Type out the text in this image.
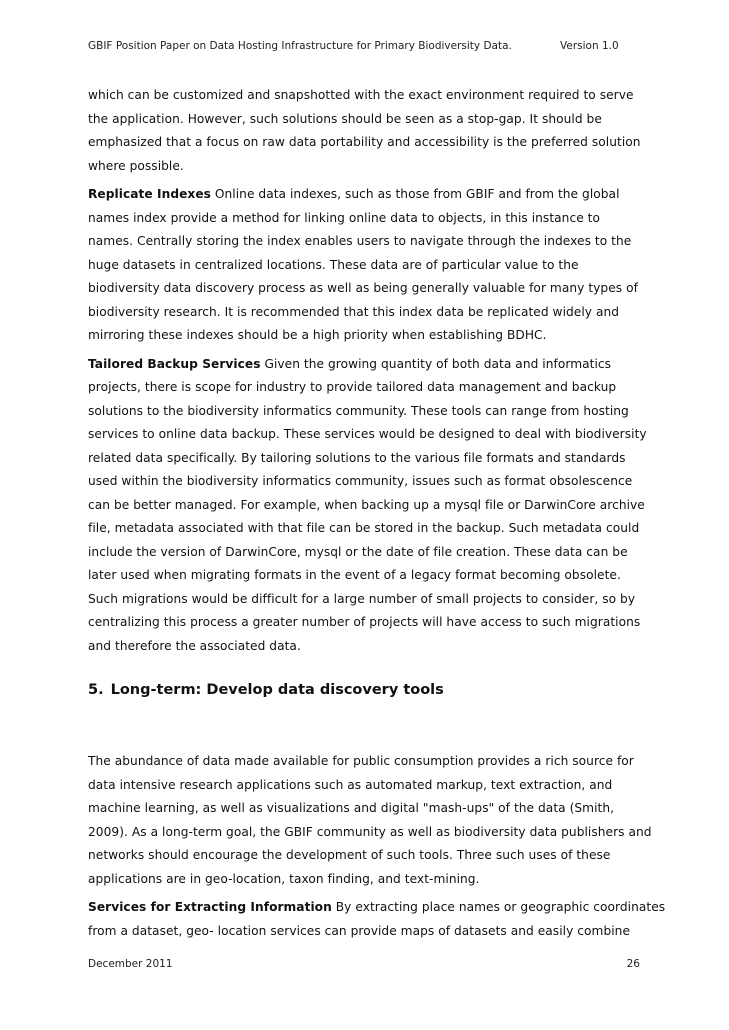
GBIF Position Paper on Data Hosting Infrastructure for Primary Biodiversity Data.	Version 1.0

which can be customized and snapshotted with the exact environment required to serve
the application. However, such solutions should be seen as a stop-gap. It should be
emphasized that a focus on raw data portability and accessibility is the preferred solution
where possible.

Replicate Indexes Online data indexes, such as those from GBIF and from the global
names index provide a method for linking online data to objects, in this instance to
names. Centrally storing the index enables users to navigate through the indexes to the
huge datasets in centralized locations. These data are of particular value to the
biodiversity data discovery process as well as being generally valuable for many types of
biodiversity research. It is recommended that this index data be replicated widely and
mirroring these indexes should be a high priority when establishing BDHC.

Tailored Backup Services Given the growing quantity of both data and informatics
projects, there is scope for industry to provide tailored data management and backup
solutions to the biodiversity informatics community. These tools can range from hosting
services to online data backup. These services would be designed to deal with biodiversity
related data specifically. By tailoring solutions to the various file formats and standards
used within the biodiversity informatics community, issues such as format obsolescence
can be better managed. For example, when backing up a mysql file or DarwinCore archive
file, metadata associated with that file can be stored in the backup. Such metadata could
include the version of DarwinCore, mysql or the date of file creation. These data can be
later used when migrating formats in the event of a legacy format becoming obsolete.
Such migrations would be difficult for a large number of small projects to consider, so by
centralizing this process a greater number of projects will have access to such migrations
and therefore the associated data.

5. Long-term: Develop data discovery tools

The abundance of data made available for public consumption provides a rich source for
data intensive research applications such as automated markup, text extraction, and
machine learning, as well as visualizations and digital "mash-ups" of the data (Smith,
2009). As a long-term goal, the GBIF community as well as biodiversity data publishers and
networks should encourage the development of such tools. Three such uses of these
applications are in geo-location, taxon finding, and text-mining.

Services for Extracting Information By extracting place names or geographic coordinates
from a dataset, geo- location services can provide maps of datasets and easily combine

December 2011	26
